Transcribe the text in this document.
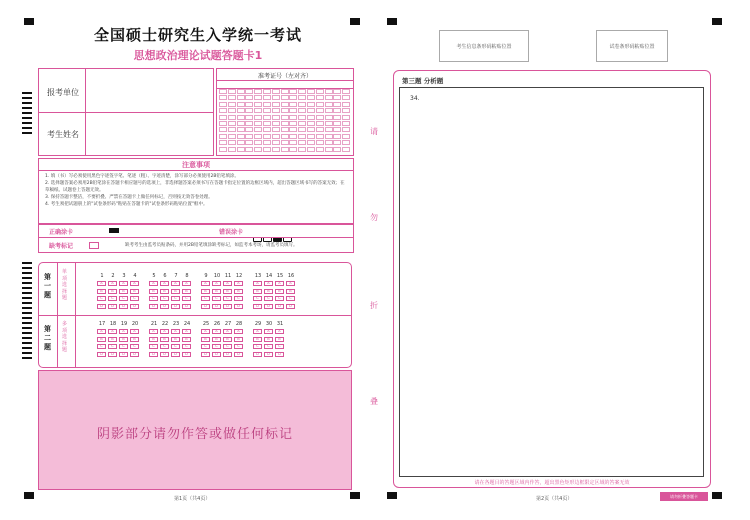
全国硕士研究生入学统一考试
思想政治理论试题答题卡1
报考单位
考生姓名
准考证号（左对齐）
注意事项
1. 填（书）写必须使用黑色字迹签字笔、笔迹（粗）、字迹清楚，涂写部分必须使用2B铅笔填涂。
2. 选择题答案必须用2B铅笔涂在答题卡相应题号的选项上，非选择题答案必须书写在答题卡指定位置的边框区域内，超出答题区域书写的答案无效；在草稿纸、试题卷上答题无效。
3. 保持答题卡整洁，不要折叠、严禁在答题卡上做任何标记，否则按无效答卷处理。
4. 考生须把试题册上的"试卷条形码"粘贴在答题卡的"试卷条形码粘贴位置"框中。
正确涂卡	错误涂卡
缺考标记	缺考考生由监考员贴条码，并用2B铅笔填涂缺考标记，如监考本考场，请监考员填写。
第一题
单项选择题
第二题
多项选择题
1
A
B
C
D
2
A
B
C
D
3
A
B
C
D
4
A
B
C
D
5
A
B
C
D
6
A
B
C
D
7
A
B
C
D
8
A
B
C
D
9
A
B
C
D
10
A
B
C
D
11
A
B
C
D
12
A
B
C
D
13
A
B
C
D
14
A
B
C
D
15
A
B
C
D
16
A
B
C
D
17
A
B
C
D
18
A
B
C
D
19
A
B
C
D
20
A
B
C
D
21
A
B
C
D
22
A
B
C
D
23
A
B
C
D
24
A
B
C
D
25
A
B
C
D
26
A
B
C
D
27
A
B
C
D
28
A
B
C
D
29
A
B
C
D
30
A
B
C
D
31
A
B
C
D
阴影部分请勿作答或做任何标记
第1页（共4页）
请
勿
折
叠
考生信息条形码粘贴位置	试卷条形码粘贴位置
第三题 分析题
34.
请在各题目的答题区域内作答，超出黑色矩形边框限定区域的答案无效
第2页（共4页）	请勿折叠答题卡
